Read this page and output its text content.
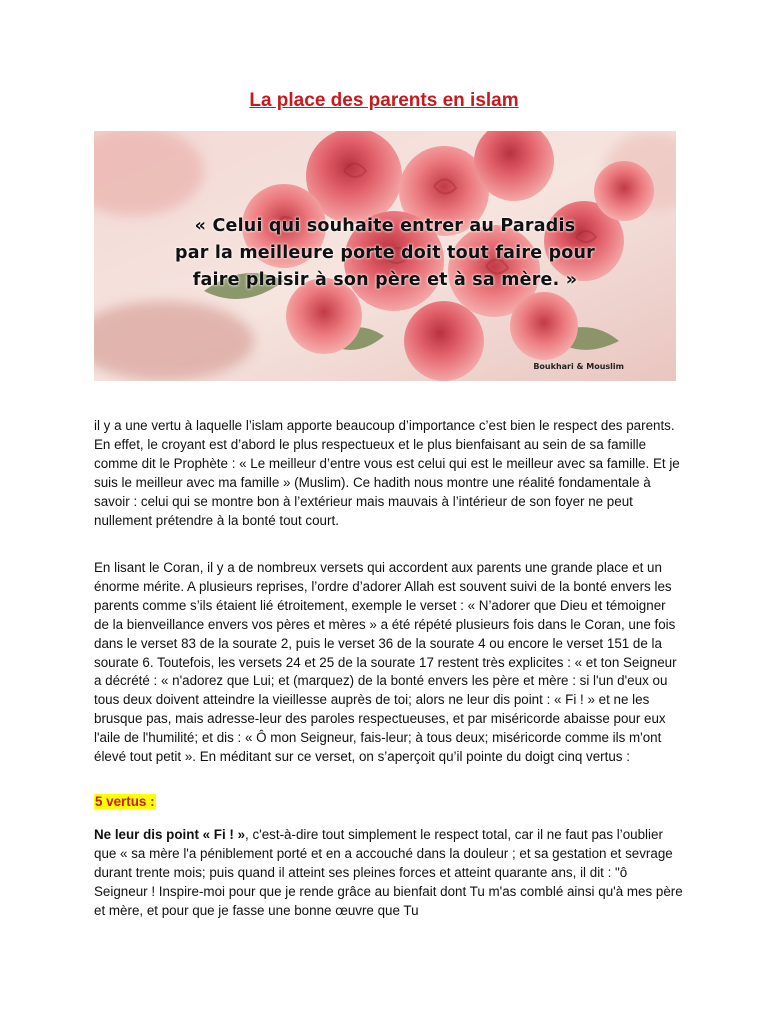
La place des parents en islam
« Celui qui souhaite entrer au Paradis
par la meilleure porte doit tout faire pour
faire plaisir à son père et à sa mère. »
Boukhari & Mouslim
il y a une vertu à laquelle l’islam apporte beaucoup d’importance c’est bien le respect des parents. En effet, le croyant est d’abord le plus respectueux et le plus bienfaisant au sein de sa famille comme dit le Prophète : « Le meilleur d’entre vous est celui qui est le meilleur avec sa famille. Et je suis le meilleur avec ma famille » (Muslim). Ce hadith nous montre une réalité fondamentale à savoir : celui qui se montre bon à l’extérieur mais mauvais à l’intérieur de son foyer ne peut nullement prétendre à la bonté tout court.
En lisant le Coran, il y a de nombreux versets qui accordent aux parents une grande place et un énorme mérite. A plusieurs reprises, l’ordre d’adorer Allah est souvent suivi de la bonté envers les parents comme s’ils étaient lié étroitement, exemple le verset : « N’adorer que Dieu et témoigner de la bienveillance envers vos pères et mères » a été répété plusieurs fois dans le Coran, une fois dans le verset 83 de la sourate 2, puis le verset 36 de la sourate 4 ou encore le verset 151 de la sourate 6. Toutefois, les versets 24 et 25 de la sourate 17 restent très explicites : « et ton Seigneur a décrété : « n'adorez que Lui; et (marquez) de la bonté envers les père et mère : si l'un d'eux ou tous deux doivent atteindre la vieillesse auprès de toi; alors ne leur dis point : « Fi ! » et ne les brusque pas, mais adresse-leur des paroles respectueuses, et par miséricorde abaisse pour eux l'aile de l'humilité; et dis : « Ô mon Seigneur, fais-leur; à tous deux; miséricorde comme ils m'ont élevé tout petit ». En méditant sur ce verset, on s’aperçoit qu’il pointe du doigt cinq vertus :
5 vertus :
Ne leur dis point « Fi ! », c'est-à-dire tout simplement le respect total, car il ne faut pas l’oublier que « sa mère l'a péniblement porté et en a accouché dans la douleur ; et sa gestation et sevrage durant trente mois; puis quand il atteint ses pleines forces et atteint quarante ans, il dit : "ô Seigneur ! Inspire-moi pour que je rende grâce au bienfait dont Tu m'as comblé ainsi qu'à mes père et mère, et pour que je fasse une bonne œuvre que Tu
